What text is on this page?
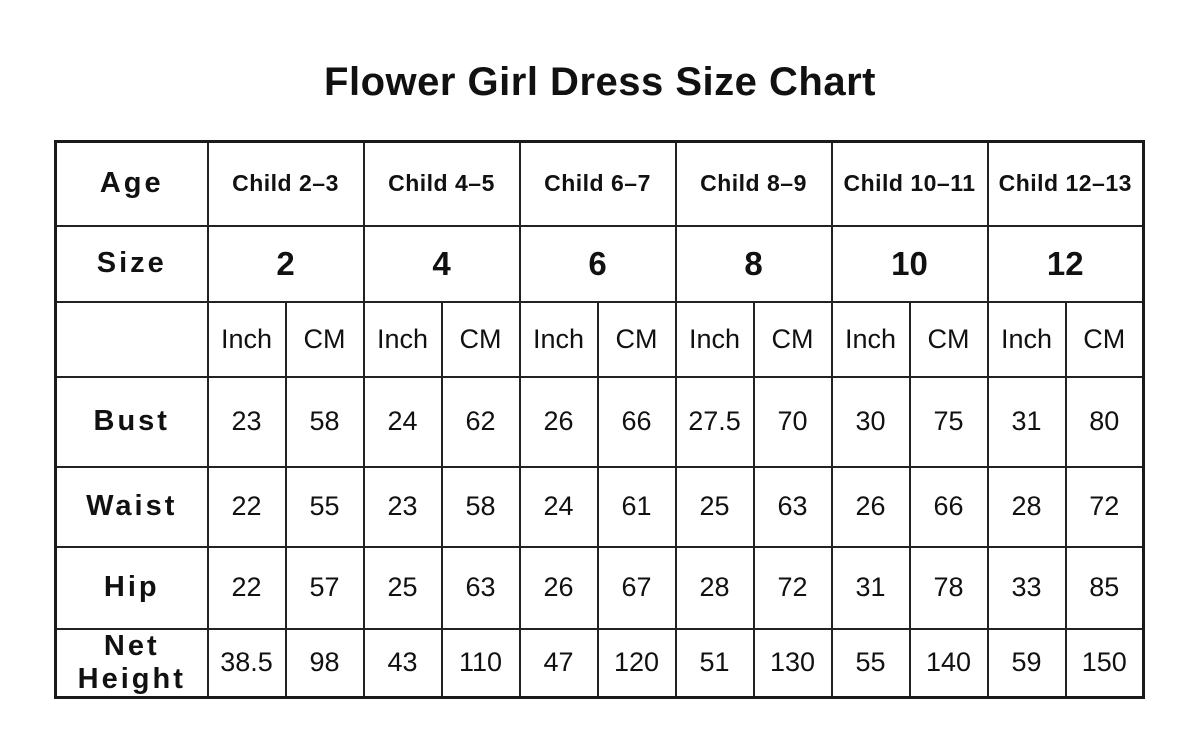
Flower Girl Dress Size Chart
Age	Child 2–3		Child 4–5		Child 6–7		Child 8–9		Child 10–11		Child 12–13	
Size	2		4		6		8		10		12	
	Inch	CM	Inch	CM	Inch	CM	Inch	CM	Inch	CM	Inch	CM
Bust	23	58	24	62	26	66	27.5	70	30	75	31	80
Waist	22	55	23	58	24	61	25	63	26	66	28	72
Hip	22	57	25	63	26	67	28	72	31	78	33	85
Net Height	38.5	98	43	110	47	120	51	130	55	140	59	150
